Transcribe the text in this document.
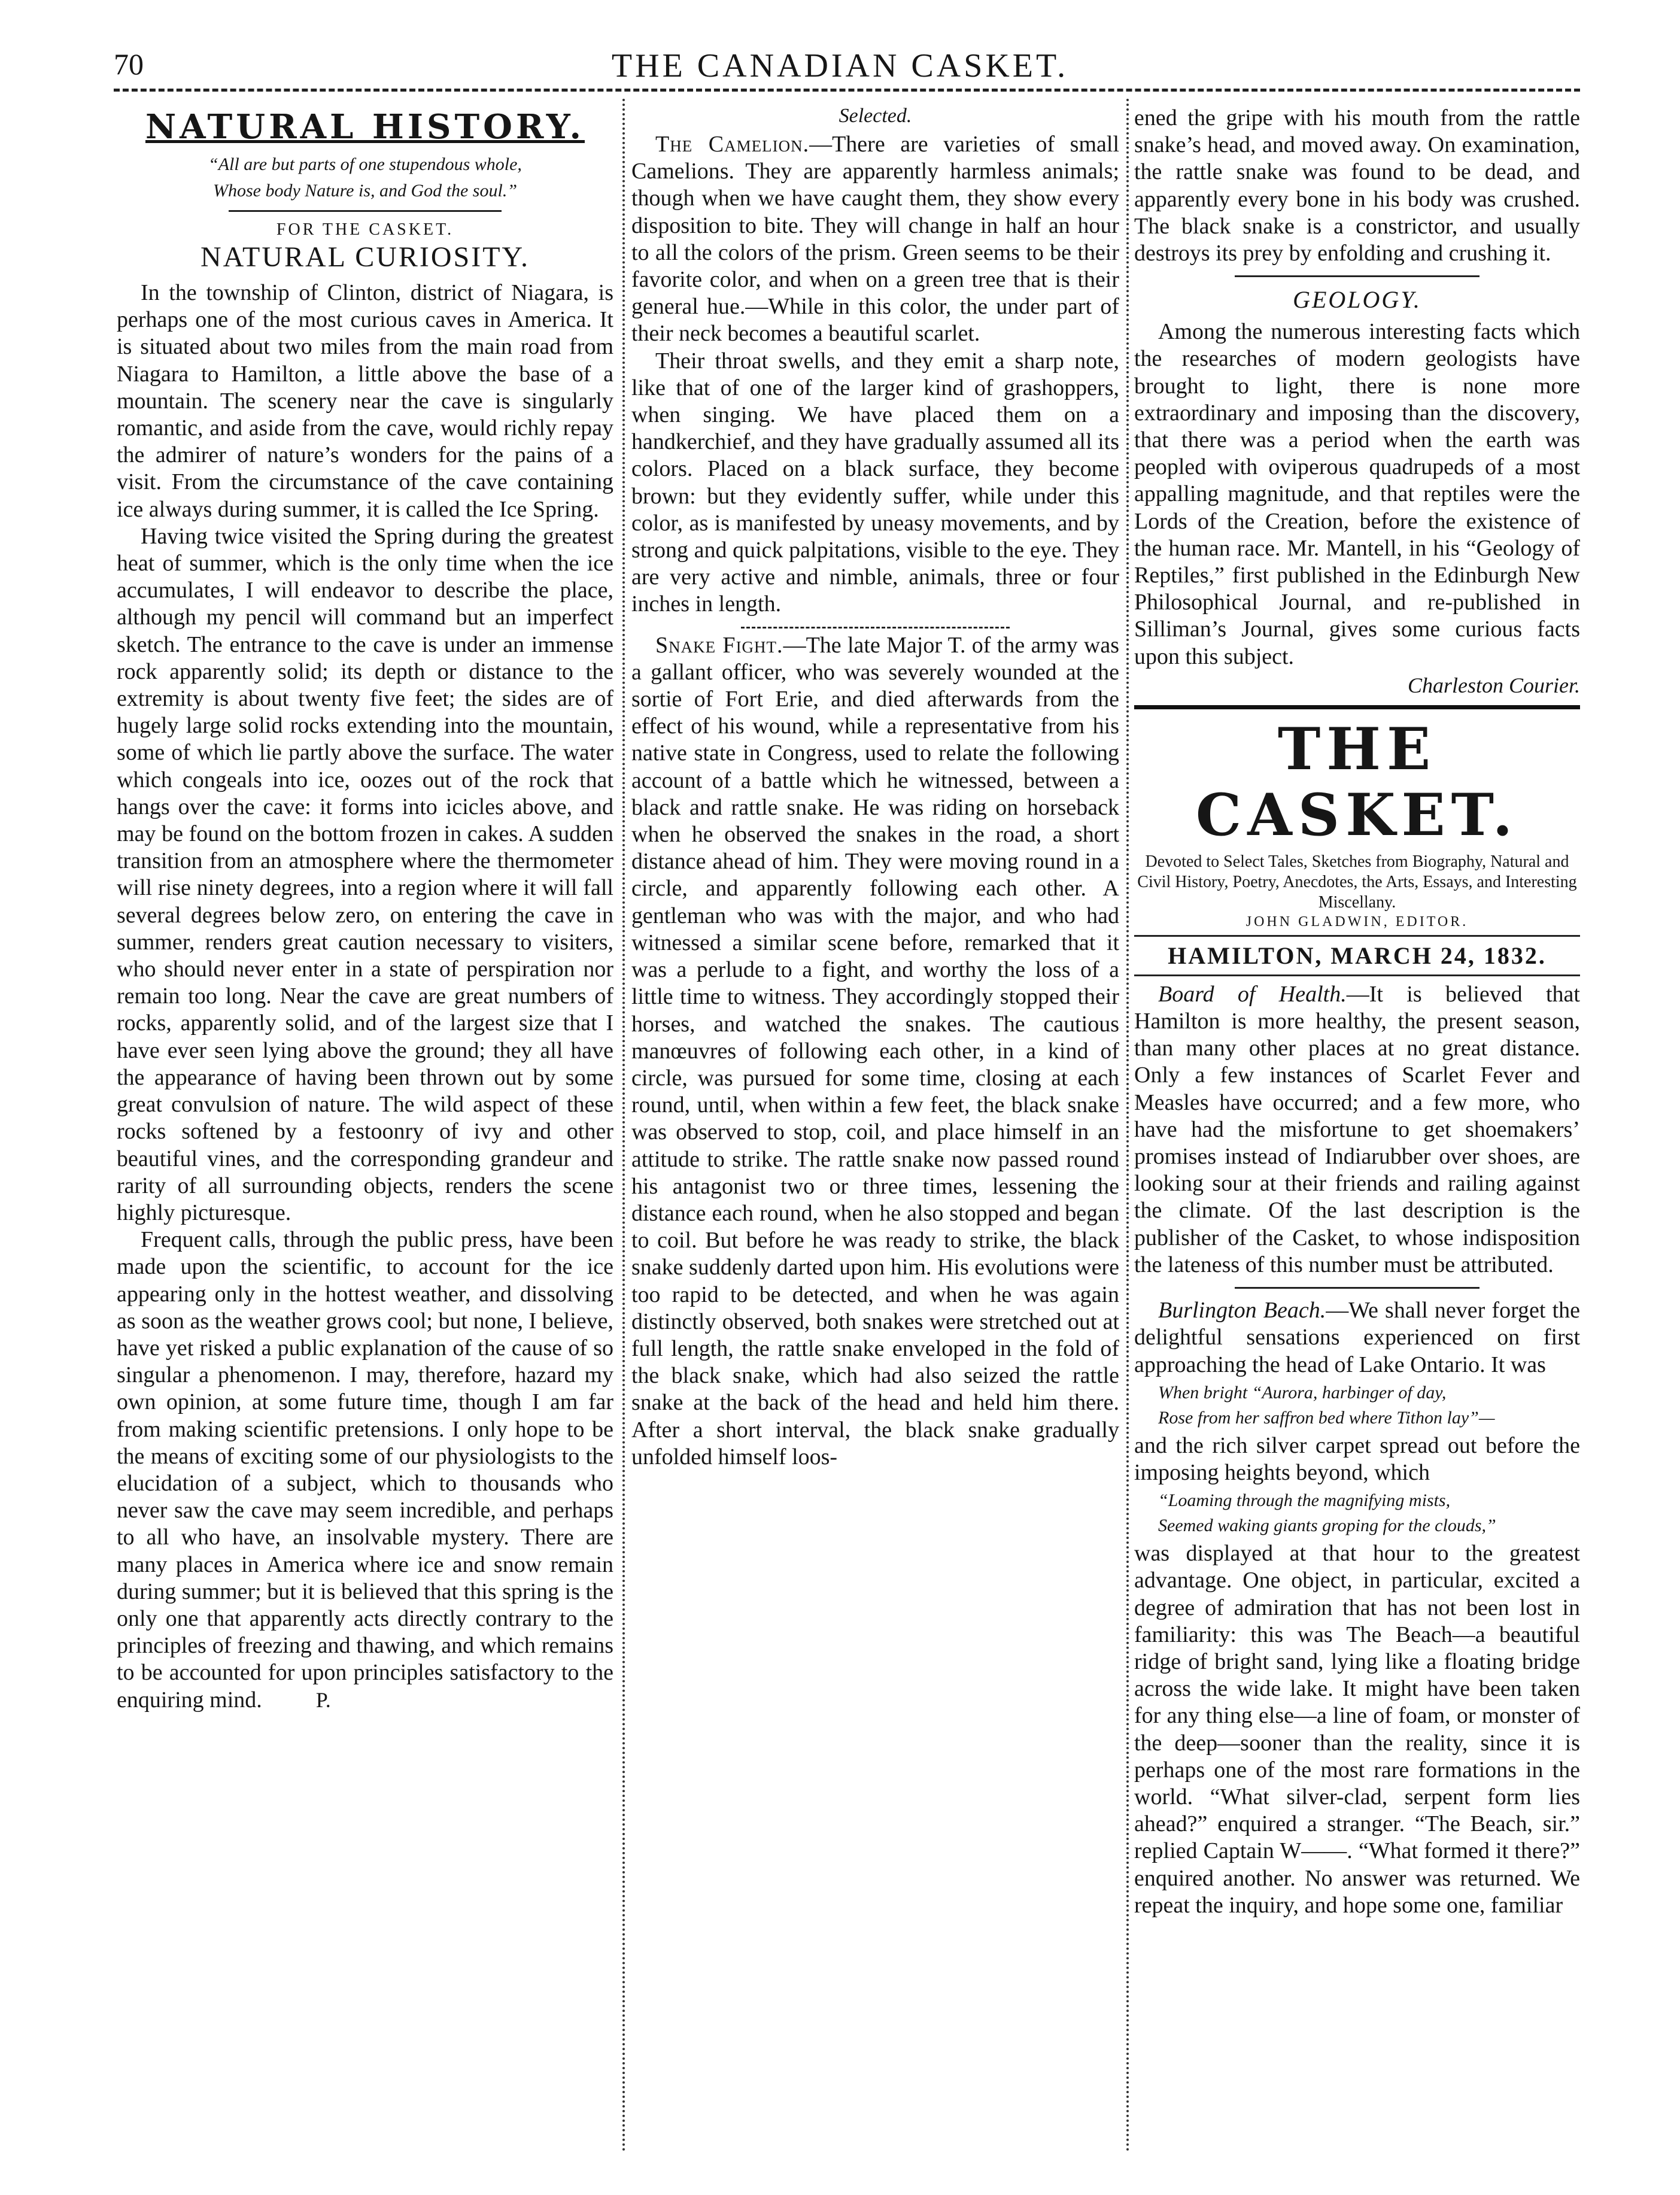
70	THE CANADIAN CASKET.
NATURAL HISTORY.
“All are but parts of one stupendous whole,
Whose body Nature is, and God the soul.”
FOR THE CASKET.
NATURAL CURIOSITY.

In the township of Clinton, district of Niagara, is perhaps one of the most curious caves in America. It is situated about two miles from the main road from Niagara to Hamilton, a little above the base of a mountain. The scenery near the cave is singularly romantic, and aside from the cave, would richly repay the admirer of nature’s wonders for the pains of a visit. From the circumstance of the cave containing ice always during summer, it is called the Ice Spring.

Having twice visited the Spring during the greatest heat of summer, which is the only time when the ice accumulates, I will endeavor to describe the place, although my pencil will command but an imperfect sketch. The entrance to the cave is under an immense rock apparently solid; its depth or distance to the extremity is about twenty five feet; the sides are of hugely large solid rocks extending into the mountain, some of which lie partly above the surface. The water which congeals into ice, oozes out of the rock that hangs over the cave: it forms into icicles above, and may be found on the bottom frozen in cakes. A sudden transition from an atmosphere where the thermometer will rise ninety degrees, into a region where it will fall several degrees below zero, on entering the cave in summer, renders great caution necessary to visiters, who should never enter in a state of perspiration nor remain too long. Near the cave are great numbers of rocks, apparently solid, and of the largest size that I have ever seen lying above the ground; they all have the appearance of having been thrown out by some great convulsion of nature. The wild aspect of these rocks softened by a festoonry of ivy and other beautiful vines, and the corresponding grandeur and rarity of all surrounding objects, renders the scene highly picturesque.

Frequent calls, through the public press, have been made upon the scientific, to account for the ice appearing only in the hottest weather, and dissolving as soon as the weather grows cool; but none, I believe, have yet risked a public explanation of the cause of so singular a phenomenon. I may, therefore, hazard my own opinion, at some future time, though I am far from making scientific pretensions. I only hope to be the means of exciting some of our physiologists to the elucidation of a subject, which to thousands who never saw the cave may seem incredible, and perhaps to all who have, an insolvable mystery. There are many places in America where ice and snow remain during summer; but it is believed that this spring is the only one that apparently acts directly contrary to the principles of freezing and thawing, and which remains to be accounted for upon principles satisfactory to the enquiring mind.	P.

Selected.

The Camelion.—There are varieties of small Camelions. They are apparently harmless animals; though when we have caught them, they show every disposition to bite. They will change in half an hour to all the colors of the prism. Green seems to be their favorite color, and when on a green tree that is their general hue.—While in this color, the under part of their neck becomes a beautiful scarlet.

Their throat swells, and they emit a sharp note, like that of one of the larger kind of grashoppers, when singing. We have placed them on a handkerchief, and they have gradually assumed all its colors. Placed on a black surface, they become brown: but they evidently suffer, while under this color, as is manifested by uneasy movements, and by strong and quick palpitations, visible to the eye. They are very active and nimble, animals, three or four inches in length.

Snake Fight.—The late Major T. of the army was a gallant officer, who was severely wounded at the sortie of Fort Erie, and died afterwards from the effect of his wound, while a representative from his native state in Congress, used to relate the following account of a battle which he witnessed, between a black and rattle snake. He was riding on horseback when he observed the snakes in the road, a short distance ahead of him. They were moving round in a circle, and apparently following each other. A gentleman who was with the major, and who had witnessed a similar scene before, remarked that it was a perlude to a fight, and worthy the loss of a little time to witness. They accordingly stopped their horses, and watched the snakes. The cautious manœuvres of following each other, in a kind of circle, was pursued for some time, closing at each round, until, when within a few feet, the black snake was observed to stop, coil, and place himself in an attitude to strike. The rattle snake now passed round his antagonist two or three times, lessening the distance each round, when he also stopped and began to coil. But before he was ready to strike, the black snake suddenly darted upon him. His evolutions were too rapid to be detected, and when he was again distinctly observed, both snakes were stretched out at full length, the rattle snake enveloped in the fold of the black snake, which had also seized the rattle snake at the back of the head and held him there. After a short interval, the black snake gradually unfolded himself loos-

ened the gripe with his mouth from the rattle snake’s head, and moved away. On examination, the rattle snake was found to be dead, and apparently every bone in his body was crushed. The black snake is a constrictor, and usually destroys its prey by enfolding and crushing it.

GEOLOGY.

Among the numerous interesting facts which the researches of modern geologists have brought to light, there is none more extraordinary and imposing than the discovery, that there was a period when the earth was peopled with oviperous quadrupeds of a most appalling magnitude, and that reptiles were the Lords of the Creation, before the existence of the human race. Mr. Mantell, in his “Geology of Reptiles,” first published in the Edinburgh New Philosophical Journal, and re-published in Silliman’s Journal, gives some curious facts upon this subject.

Charleston Courier.
THE CASKET.
Devoted to Select Tales, Sketches from Biography, Natural and Civil History, Poetry, Anecdotes, the Arts, Essays, and Interesting Miscellany.
JOHN GLADWIN, EDITOR.
HAMILTON, MARCH 24, 1832.

Board of Health.—It is believed that Hamilton is more healthy, the present season, than many other places at no great distance. Only a few instances of Scarlet Fever and Measles have occurred; and a few more, who have had the misfortune to get shoemakers’ promises instead of Indiarubber over shoes, are looking sour at their friends and railing against the climate. Of the last description is the publisher of the Casket, to whose indisposition the lateness of this number must be attributed.

Burlington Beach.—We shall never forget the delightful sensations experienced on first approaching the head of Lake Ontario. It was

When bright “Aurora, harbinger of day,
Rose from her saffron bed where Tithon lay”—

and the rich silver carpet spread out before the imposing heights beyond, which

“Loaming through the magnifying mists,
Seemed waking giants groping for the clouds,”

was displayed at that hour to the greatest advantage. One object, in particular, excited a degree of admiration that has not been lost in familiarity: this was The Beach—a beautiful ridge of bright sand, lying like a floating bridge across the wide lake. It might have been taken for any thing else—a line of foam, or monster of the deep—sooner than the reality, since it is perhaps one of the most rare formations in the world. “What silver-clad, serpent form lies ahead?” enquired a stranger. “The Beach, sir.” replied Captain W——. “What formed it there?” enquired another. No answer was returned. We repeat the inquiry, and hope some one, familiar
